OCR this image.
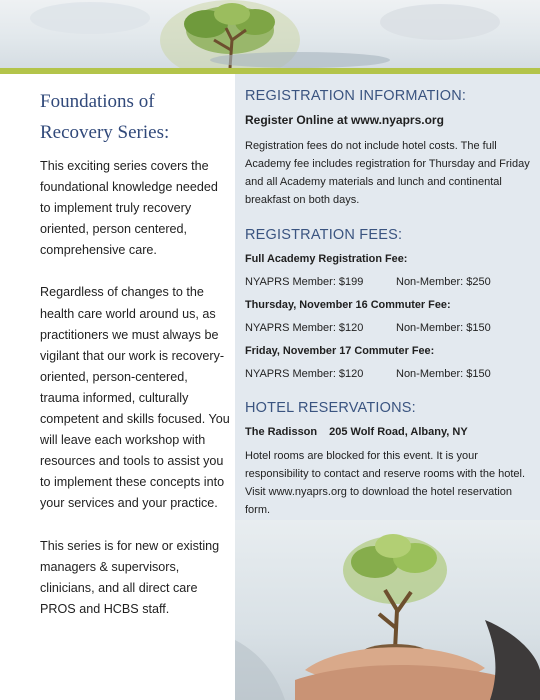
Foundations of
Recovery Series:

This exciting series covers the foundational knowledge needed to implement truly recovery oriented, person centered, comprehensive care.

Regardless of changes to the health care world around us, as practitioners we must always be vigilant that our work is recovery-oriented, person-centered, trauma informed, culturally competent and skills focused. You will leave each workshop with resources and tools to assist you to implement these concepts into your services and your practice.

This series is for new or existing managers & supervisors, clinicians, and all direct care PROS and HCBS staff.

REGISTRATION INFORMATION:
Register Online at www.nyaprs.org

Registration fees do not include hotel costs. The full Academy fee includes registration for Thursday and Friday and all Academy materials and lunch and continental breakfast on both days.

REGISTRATION FEES:
Full Academy Registration Fee:
NYAPRS Member: $199	Non-Member: $250
Thursday, November 16 Commuter Fee:
NYAPRS Member: $120	Non-Member: $150
Friday, November 17 Commuter Fee:
NYAPRS Member: $120	Non-Member: $150
HOTEL RESERVATIONS:
The Radisson 205 Wolf Road, Albany, NY

Hotel rooms are blocked for this event. It is your responsibility to contact and reserve rooms with the hotel. Visit www.nyaprs.org to download the hotel reservation form.
